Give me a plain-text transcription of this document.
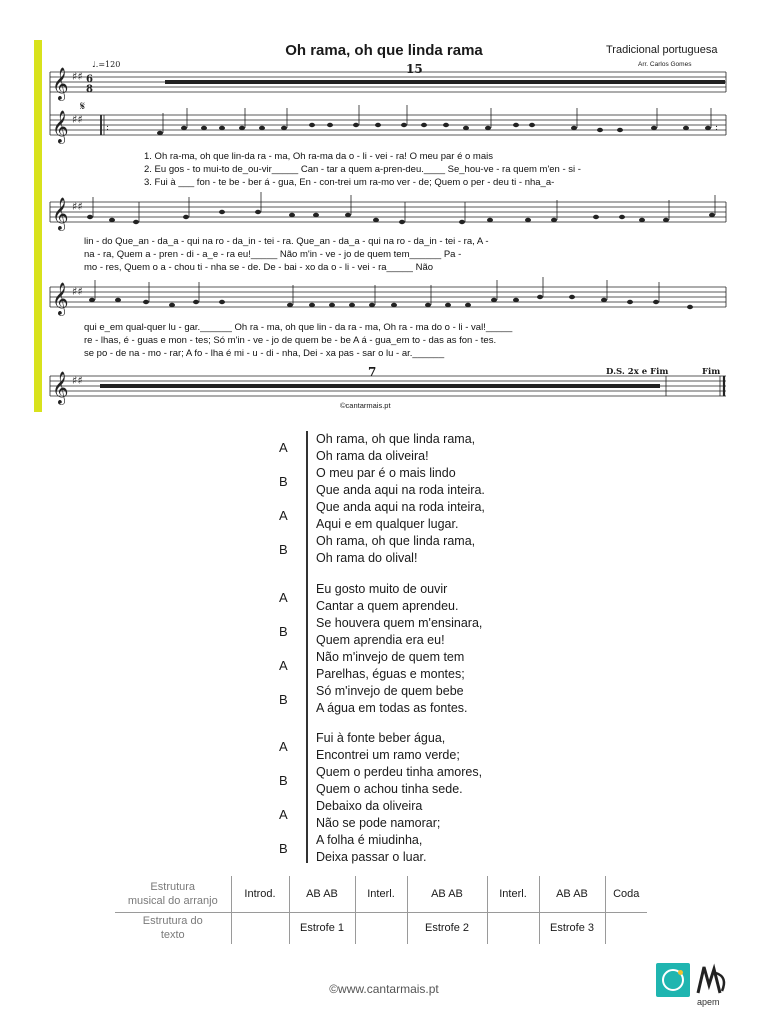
Oh rama, oh que linda rama	Tradicional portuguesa
Arr. Carlos Gomes
♩.=120	15
7
𝄞
𝄞
𝄞
𝄞
𝄞
♯♯
♯♯
♯♯
♯♯
♯♯
6
8
𝄋
:	:
1. Oh ra-ma, oh que lin-da ra - ma, Oh ra-ma da o - li - vei - ra! O meu par é o mais
2. Eu gos - to mui-to de_ou-vir_____ Can - tar a quem a-pren-deu.____ Se_hou-ve - ra quem m'en - si -
3. Fui à ___ fon - te be - ber á - gua, En - con-trei um ra-mo ver - de; Quem o per - deu ti - nha_a-
lin - do Que_an - da_a - qui na ro - da_in - tei - ra. Que_an - da_a - qui na ro - da_in - tei - ra, A -
na - ra, Quem a - pren - di - a_e - ra eu!_____ Não m'in - ve - jo de quem tem______ Pa -
mo - res, Quem o a - chou ti - nha se - de. De - bai - xo da o - li - vei - ra_____ Não
qui e_em qual-quer lu - gar.______ Oh ra - ma, oh que lin - da ra - ma, Oh ra - ma do o - li - val!_____
re - lhas, é - guas e mon - tes; Só m'in - ve - jo de quem be - be A á - gua_em to - das as fon - tes.
se po - de na - mo - rar; A fo - lha é mi - u - di - nha, Dei - xa pas - sar o lu - ar.______
D.S. 2x e Fim	Fim
©cantarmais.pt
A
Oh rama, oh que linda rama,
Oh rama da oliveira!
B
O meu par é o mais lindo
Que anda aqui na roda inteira.
A
Que anda aqui na roda inteira,
Aqui e em qualquer lugar.
B
Oh rama, oh que linda rama,
Oh rama do olival!
A
Eu gosto muito de ouvir
Cantar a quem aprendeu.
B
Se houvera quem m'ensinara,
Quem aprendia era eu!
A
Não m'invejo de quem tem
Parelhas, éguas e montes;
B
Só m'invejo de quem bebe
A água em todas as fontes.
A
Fui à fonte beber água,
Encontrei um ramo verde;
B
Quem o perdeu tinha amores,
Quem o achou tinha sede.
A
Debaixo da oliveira
Não se pode namorar;
B
A folha é miudinha,
Deixa passar o luar.
Estrutura
musical do arranjo	Introd.	AB AB	Interl.	AB AB	Interl.	AB AB	Coda
Estrutura do
texto		Estrofe 1		Estrofe 2		Estrofe 3	
©www.cantarmais.pt
apem
